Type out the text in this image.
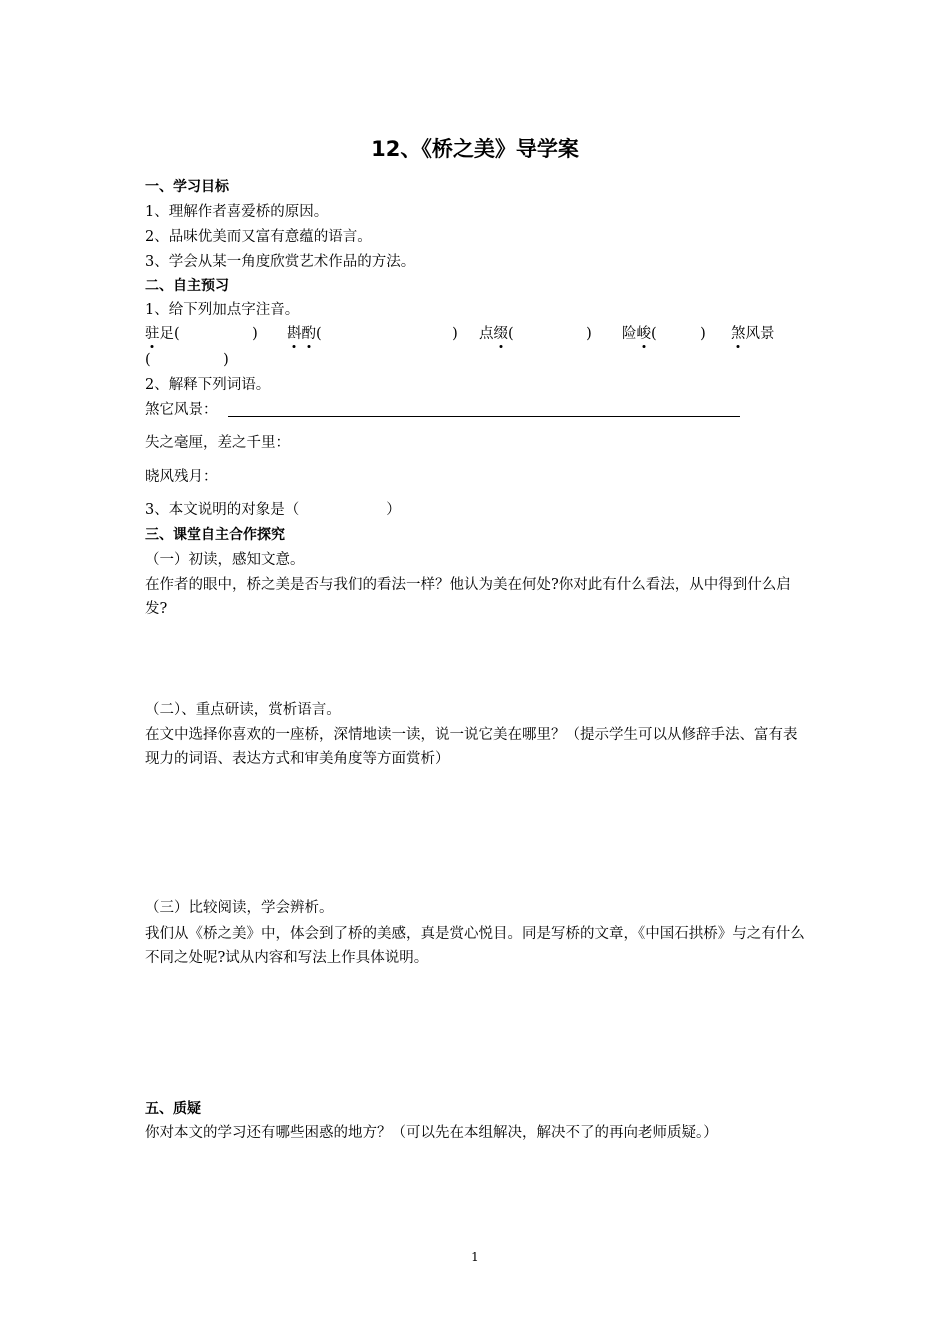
12、《桥之美》导学案
一、学习目标
1、理解作者喜爱桥的原因。
2、品味优美而又富有意蕴的语言。
3、学会从某一角度欣赏艺术作品的方法。
二、自主预习
1、给下列加点字注音。
驻足(　　　　　) 斟酌(　　　　　　　　　) 点缀(　　　　　) 险峻(　　　) 煞风景
(　　　　　)
2、解释下列词语。
煞它风景：
失之毫厘，差之千里：
晓风残月：
3、本文说明的对象是（　　　　　　）
三、课堂自主合作探究
（一）初读，感知文意。
在作者的眼中，桥之美是否与我们的看法一样？他认为美在何处?你对此有什么看法，从中得到什么启发?
（二）、重点研读，赏析语言。
在文中选择你喜欢的一座桥，深情地读一读，说一说它美在哪里？（提示学生可以从修辞手法、富有表现力的词语、表达方式和审美角度等方面赏析）
（三）比较阅读，学会辨析。
我们从《桥之美》中，体会到了桥的美感，真是赏心悦目。同是写桥的文章，《中国石拱桥》与之有什么不同之处呢?试从内容和写法上作具体说明。
五、质疑
你对本文的学习还有哪些困惑的地方？（可以先在本组解决，解决不了的再向老师质疑。）
1
